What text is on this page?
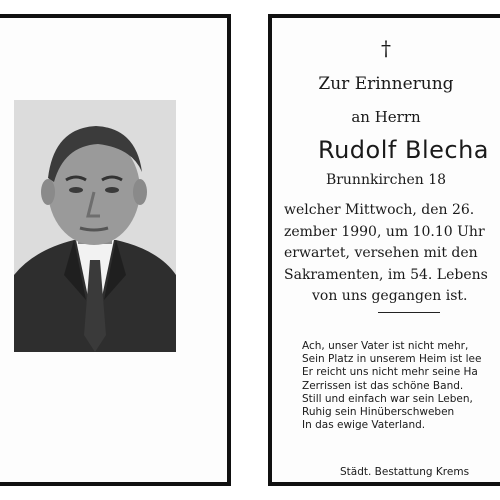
†
Zur Erinnerung
an Herrn
Rudolf Blecha
Brunnkirchen 18
welcher Mittwoch, den 26.
zember 1990, um 10.10 Uhr
erwartet, versehen mit den
Sakramenten, im 54. Lebens
von uns gegangen ist.
Ach, unser Vater ist nicht mehr,
Sein Platz in unserem Heim ist lee
Er reicht uns nicht mehr seine Ha
Zerrissen ist das schöne Band.
Still und einfach war sein Leben,
Ruhig sein Hinüberschweben
In das ewige Vaterland.
Städt. Bestattung Krems
